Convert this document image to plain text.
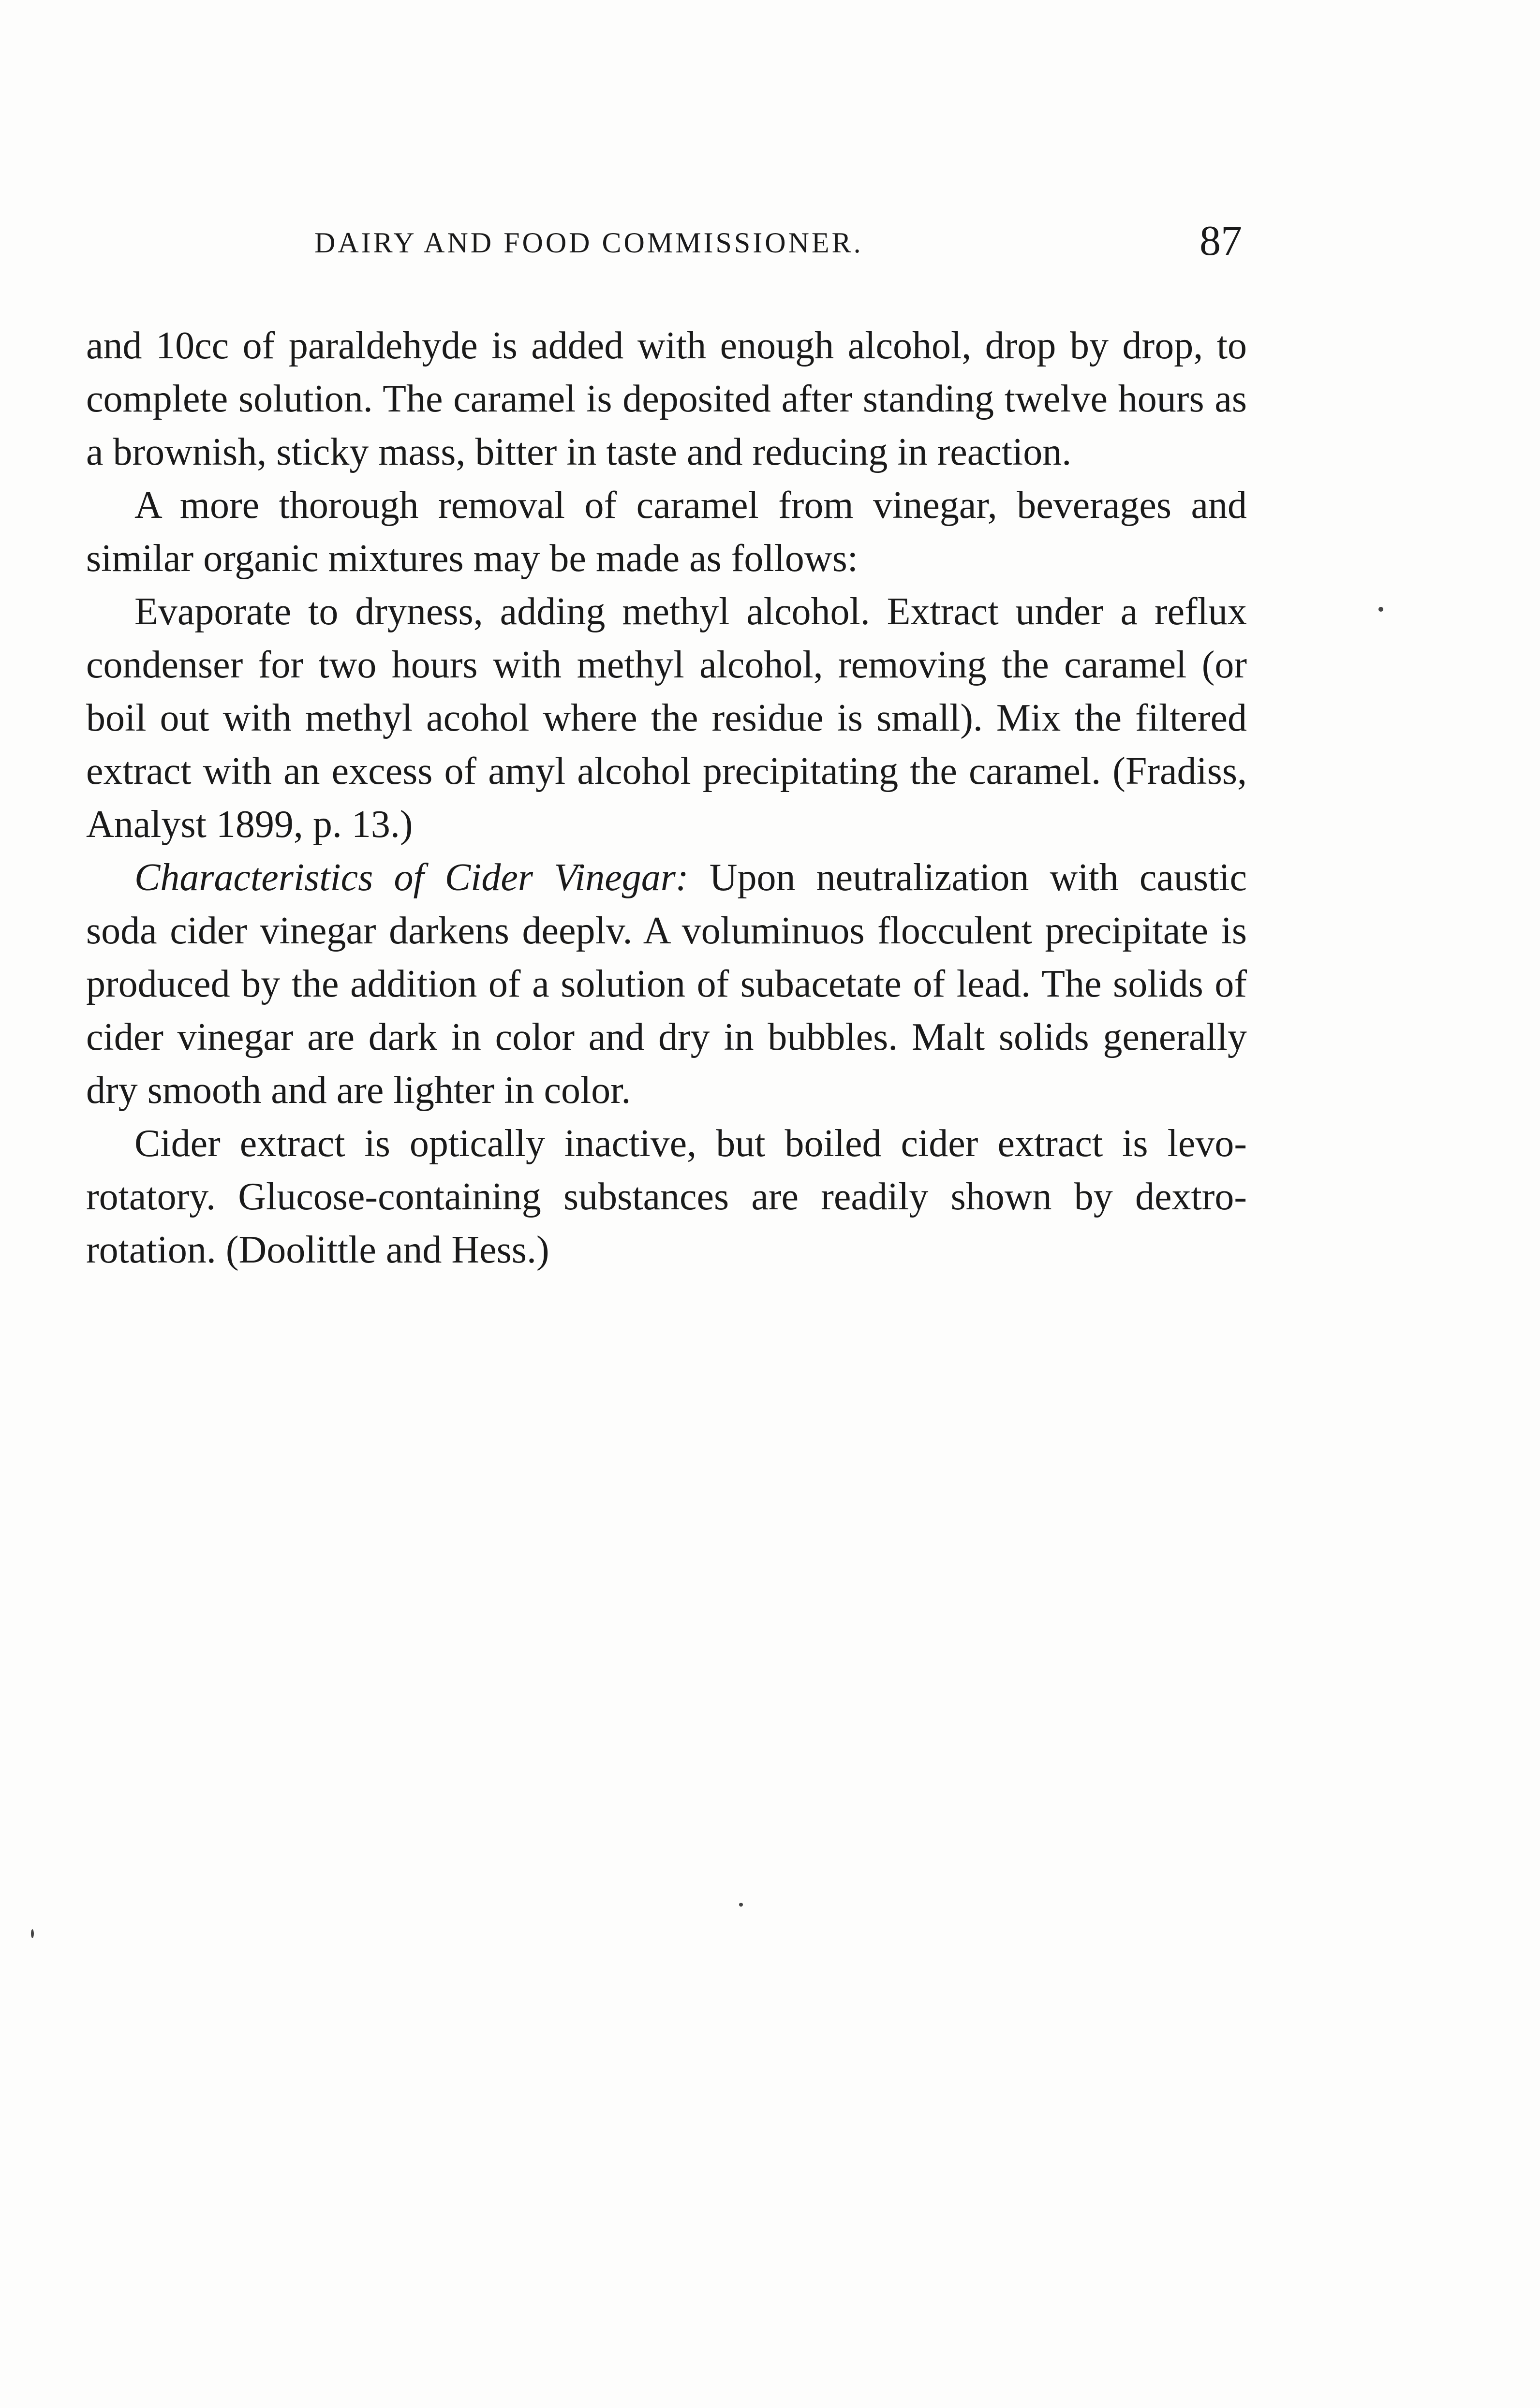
DAIRY AND FOOD COMMISSIONER.	87

and 10cc of paraldehyde is added with enough alcohol, drop by drop, to complete solution. The caramel is deposited after standing twelve hours as a brownish, sticky mass, bitter in taste and reducing in reaction.

A more thorough removal of caramel from vinegar, beverages and similar organic mixtures may be made as follows:

Evaporate to dryness, adding methyl alcohol. Extract under a reflux condenser for two hours with methyl alcohol, removing the caramel (or boil out with methyl acohol where the residue is small). Mix the filtered extract with an excess of amyl alcohol precipitating the caramel. (Fradiss, Analyst 1899, p. 13.)

Characteristics of Cider Vinegar: Upon neutralization with caustic soda cider vinegar darkens deeplv. A voluminuos flocculent precipitate is produced by the addition of a solution of subacetate of lead. The solids of cider vinegar are dark in color and dry in bubbles. Malt solids generally dry smooth and are lighter in color.

Cider extract is optically inactive, but boiled cider extract is levo-rotatory. Glucose-containing substances are readily shown by dextro-rotation. (Doolittle and Hess.)
